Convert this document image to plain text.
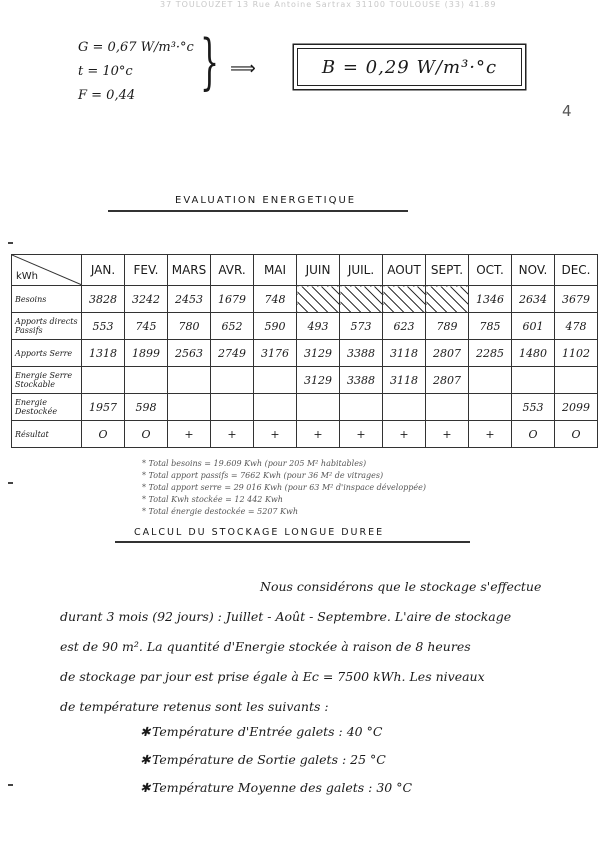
37 TOULOUZET 13 Rue Antoine Sartrax 31100 TOULOUSE (33) 41.89
G = 0,67 W/m³·°c
t = 10°c
F = 0,44	} ⟹	B = 0,29 W/m³·°c
4
EVALUATION ENERGETIQUE
kWh	JAN.	FEV.	MARS	AVR.	MAI	JUIN	JUIL.	AOUT	SEPT.	OCT.	NOV.	DEC.
Besoins	3828	3242	2453	1679	748					1346	2634	3679
Apports directs Passifs	553	745	780	652	590	493	573	623	789	785	601	478
Apports Serre	1318	1899	2563	2749	3176	3129	3388	3118	2807	2285	1480	1102
Energie Serre Stockable						3129	3388	3118	2807			
Energie Destockée	1957	598									553	2099
Résultat	O	O	+	+	+	+	+	+	+	+	O	O
* Total besoins = 19.609 Kwh (pour 205 M² habitables)
* Total apport passifs = 7662 Kwh (pour 36 M² de vitrages)
* Total apport serre = 29 016 Kwh (pour 63 M² d'inspace développée)
* Total Kwh stockée = 12 442 Kwh
* Total énergie destockée = 5207 Kwh
CALCUL DU STOCKAGE LONGUE DUREE
Nous considérons que le stockage s'effectue
durant 3 mois (92 jours) : Juillet - Août - Septembre. L'aire de stockage
est de 90 m². La quantité d'Energie stockée à raison de 8 heures
de stockage par jour est prise égale à Ec = 7500 kWh. Les niveaux
de température retenus sont les suivants :
✱ Température d'Entrée galets : 40 °C
✱ Température de Sortie galets : 25 °C
✱ Température Moyenne des galets : 30 °C
